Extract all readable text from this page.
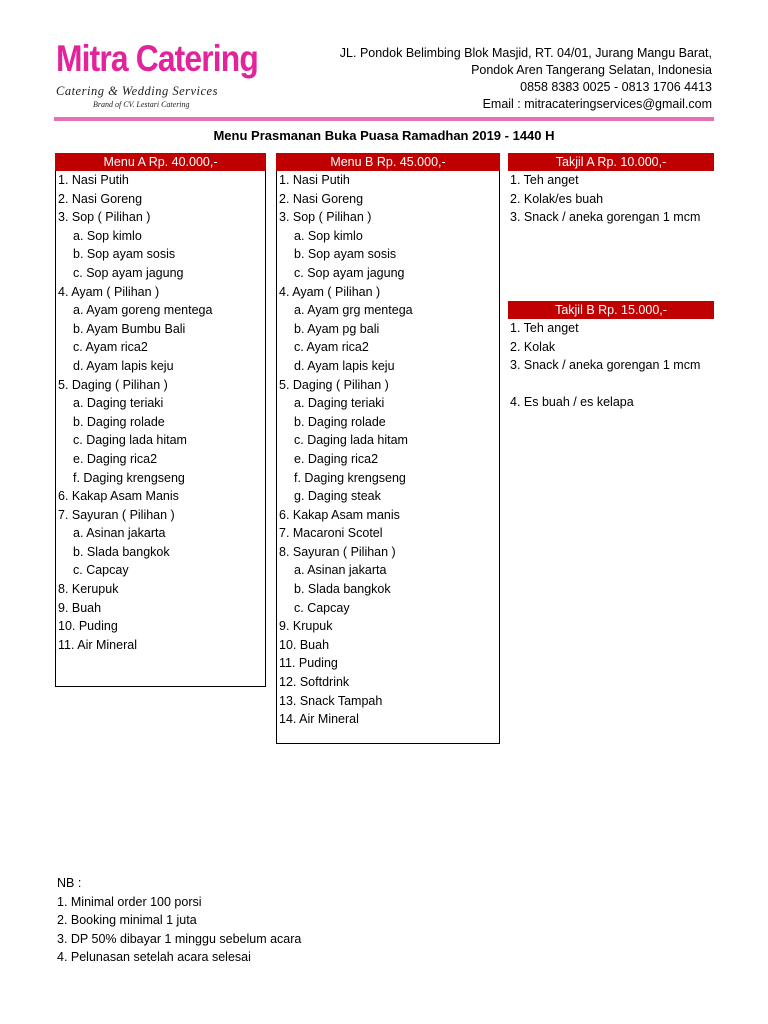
Mitra Catering
Catering & Wedding Services
Brand of CV. Lestari Catering
JL. Pondok Belimbing Blok Masjid, RT. 04/01, Jurang Mangu Barat,
Pondok Aren Tangerang Selatan, Indonesia
0858 8383 0025 - 0813 1706 4413
Email : mitracateringservices@gmail.com
Menu Prasmanan Buka Puasa Ramadhan 2019 - 1440 H
Menu A Rp. 40.000,-
1. Nasi Putih
2. Nasi Goreng
3. Sop ( Pilihan )
a. Sop kimlo
b. Sop ayam sosis
c. Sop ayam jagung
4. Ayam ( Pilihan )
a. Ayam goreng mentega
b. Ayam Bumbu Bali
c. Ayam rica2
d. Ayam lapis keju
5. Daging ( Pilihan )
a. Daging teriaki
b. Daging rolade
c. Daging lada hitam
e. Daging rica2
f. Daging krengseng
6. Kakap Asam Manis
7. Sayuran ( Pilihan )
a. Asinan jakarta
b. Slada bangkok
c. Capcay
8. Kerupuk
9. Buah
10. Puding
11. Air Mineral
Menu B Rp. 45.000,-
1. Nasi Putih
2. Nasi Goreng
3. Sop ( Pilihan )
a. Sop kimlo
b. Sop ayam sosis
c. Sop ayam jagung
4. Ayam ( Pilihan )
a. Ayam grg mentega
b. Ayam pg bali
c. Ayam rica2
d. Ayam lapis keju
5. Daging ( Pilihan )
a. Daging teriaki
b. Daging rolade
c. Daging lada hitam
e. Daging rica2
f. Daging krengseng
g. Daging steak
6. Kakap Asam manis
7. Macaroni Scotel
8. Sayuran ( Pilihan )
a. Asinan jakarta
b. Slada bangkok
c. Capcay
9. Krupuk
10. Buah
11. Puding
12. Softdrink
13. Snack Tampah
14. Air Mineral
Takjil A Rp. 10.000,-
1. Teh anget
2. Kolak/es buah
3. Snack / aneka gorengan 1 mcm
Takjil B Rp. 15.000,-
1. Teh anget
2. Kolak
3. Snack / aneka gorengan 1 mcm
4. Es buah / es kelapa
NB :
1. Minimal order 100 porsi
2. Booking minimal 1 juta
3. DP 50% dibayar 1 minggu sebelum acara
4. Pelunasan setelah acara selesai
